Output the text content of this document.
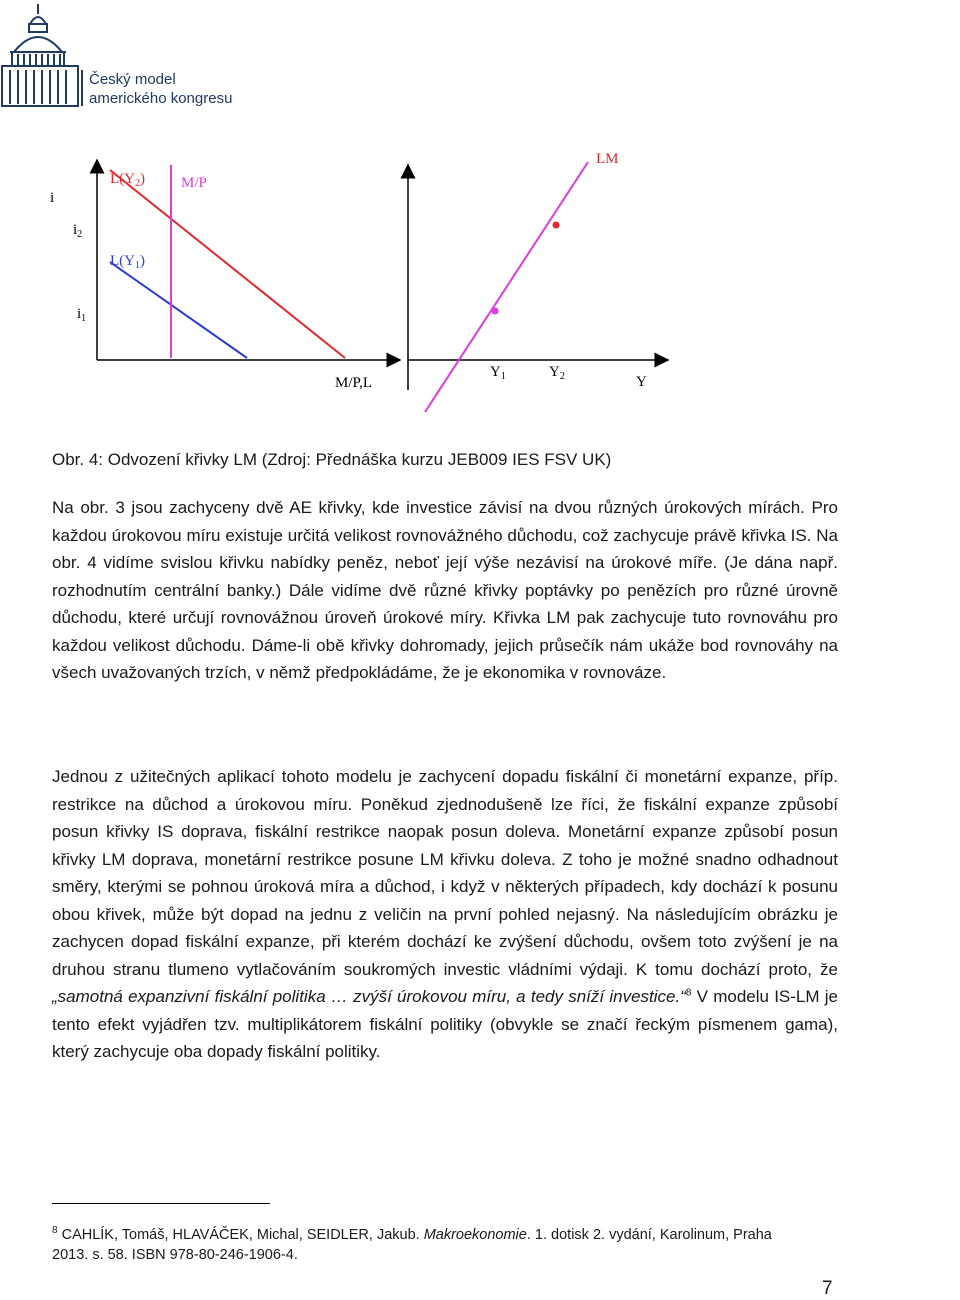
Český model
amerického kongresu
i
$i_2$
$i_1$
$L(Y_2)$ M/P
$L(Y_1)$
M/P,L
LM
$Y_1$	$Y_2$	Y
Obr. 4: Odvození křivky LM (Zdroj: Přednáška kurzu JEB009 IES FSV UK)

Na obr. 3 jsou zachyceny dvě AE křivky, kde investice závisí na dvou různých úrokových mírách. Pro každou úrokovou míru existuje určitá velikost rovnovážného důchodu, což zachycuje právě křivka IS. Na obr. 4 vidíme svislou křivku nabídky peněz, neboť její výše nezávisí na úrokové míře. (Je dána např. rozhodnutím centrální banky.) Dále vidíme dvě různé křivky poptávky po penězích pro různé úrovně důchodu, které určují rovnovážnou úroveň úrokové míry. Křivka LM pak zachycuje tuto rovnováhu pro každou velikost důchodu. Dáme-li obě křivky dohromady, jejich průsečík nám ukáže bod rovnováhy na všech uvažovaných trzích, v němž předpokládáme, že je ekonomika v rovnováze.

Jednou z užitečných aplikací tohoto modelu je zachycení dopadu fiskální či monetární expanze, příp. restrikce na důchod a úrokovou míru. Poněkud zjednodušeně lze říci, že fiskální expanze způsobí posun křivky IS doprava, fiskální restrikce naopak posun doleva. Monetární expanze způsobí posun křivky LM doprava, monetární restrikce posune LM křivku doleva. Z toho je možné snadno odhadnout směry, kterými se pohnou úroková míra a důchod, i když v některých případech, kdy dochází k posunu obou křivek, může být dopad na jednu z veličin na první pohled nejasný. Na následujícím obrázku je zachycen dopad fiskální expanze, při kterém dochází ke zvýšení důchodu, ovšem toto zvýšení je na druhou stranu tlumeno vytlačováním soukromých investic vládními výdaji. K tomu dochází proto, že „samotná expanzivní fiskální politika … zvýší úrokovou míru, a tedy sníží investice.“$^8$ V modelu IS-LM je tento efekt vyjádřen tzv. multiplikátorem fiskální politiky (obvykle se značí řeckým písmenem gama), který zachycuje oba dopady fiskální politiky.

$^8$ CAHLÍK, Tomáš, HLAVÁČEK, Michal, SEIDLER, Jakub. Makroekonomie. 1. dotisk 2. vydání, Karolinum, Praha 2013. s. 58. ISBN 978-80-246-1906-4.
7
